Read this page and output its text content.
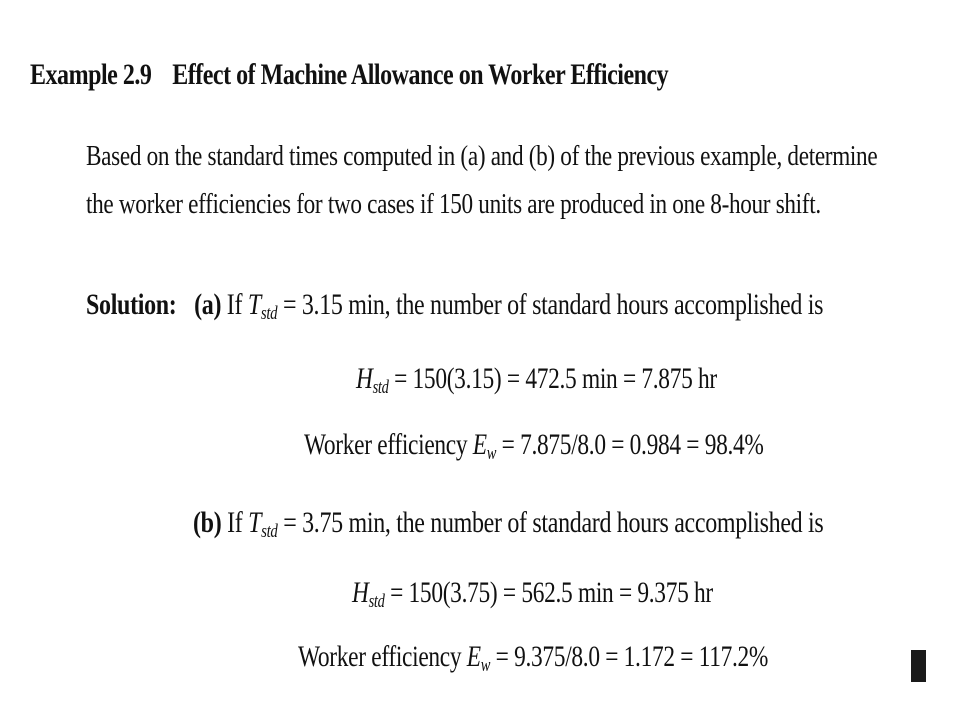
Example 2.9 Effect of Machine Allowance on Worker Efficiency
Based on the standard times computed in (a) and (b) of the previous example, determine
the worker efficiencies for two cases if 150 units are produced in one 8-hour shift.
Solution: (a) If $T_{std} = 3.15$ min, the number of standard hours accomplished is
$H_{std} = 150(3.15) = 472.5$ min = 7.875 hr
Worker efficiency $E_w = 7.875/8.0 = 0.984 = 98.4\%$
(b) If $T_{std} = 3.75$ min, the number of standard hours accomplished is
$H_{std} = 150(3.75) = 562.5$ min = 9.375 hr
Worker efficiency $E_w = 9.375/8.0 = 1.172 = 117.2\%$
